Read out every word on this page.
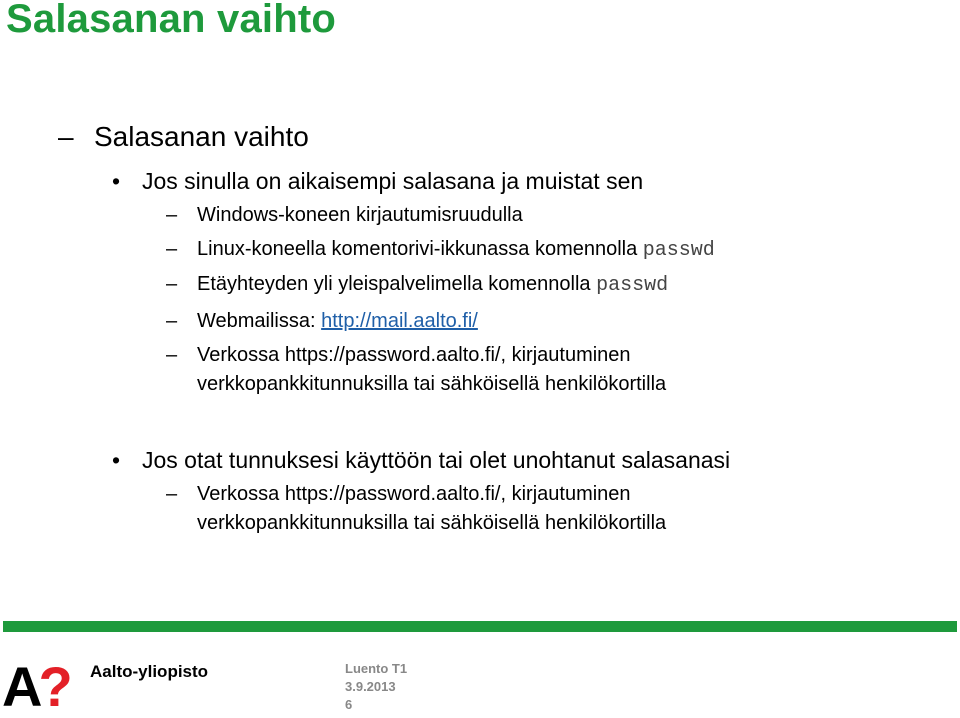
Salasanan vaihto
– Salasanan vaihto
• Jos sinulla on aikaisempi salasana ja muistat sen
– Windows-koneen kirjautumisruudulla
– Linux-koneella komentorivi-ikkunassa komennolla passwd
– Etäyhteyden yli yleispalvelimella komennolla passwd
– Webmailissa: http://mail.aalto.fi/
– Verkossa https://password.aalto.fi/, kirjautuminen
verkkopankkitunnuksilla tai sähköisellä henkilökortilla
• Jos otat tunnuksesi käyttöön tai olet unohtanut salasanasi
– Verkossa https://password.aalto.fi/, kirjautuminen
verkkopankkitunnuksilla tai sähköisellä henkilökortilla
A? Aalto-yliopisto	Luento T1
3.9.2013
6
